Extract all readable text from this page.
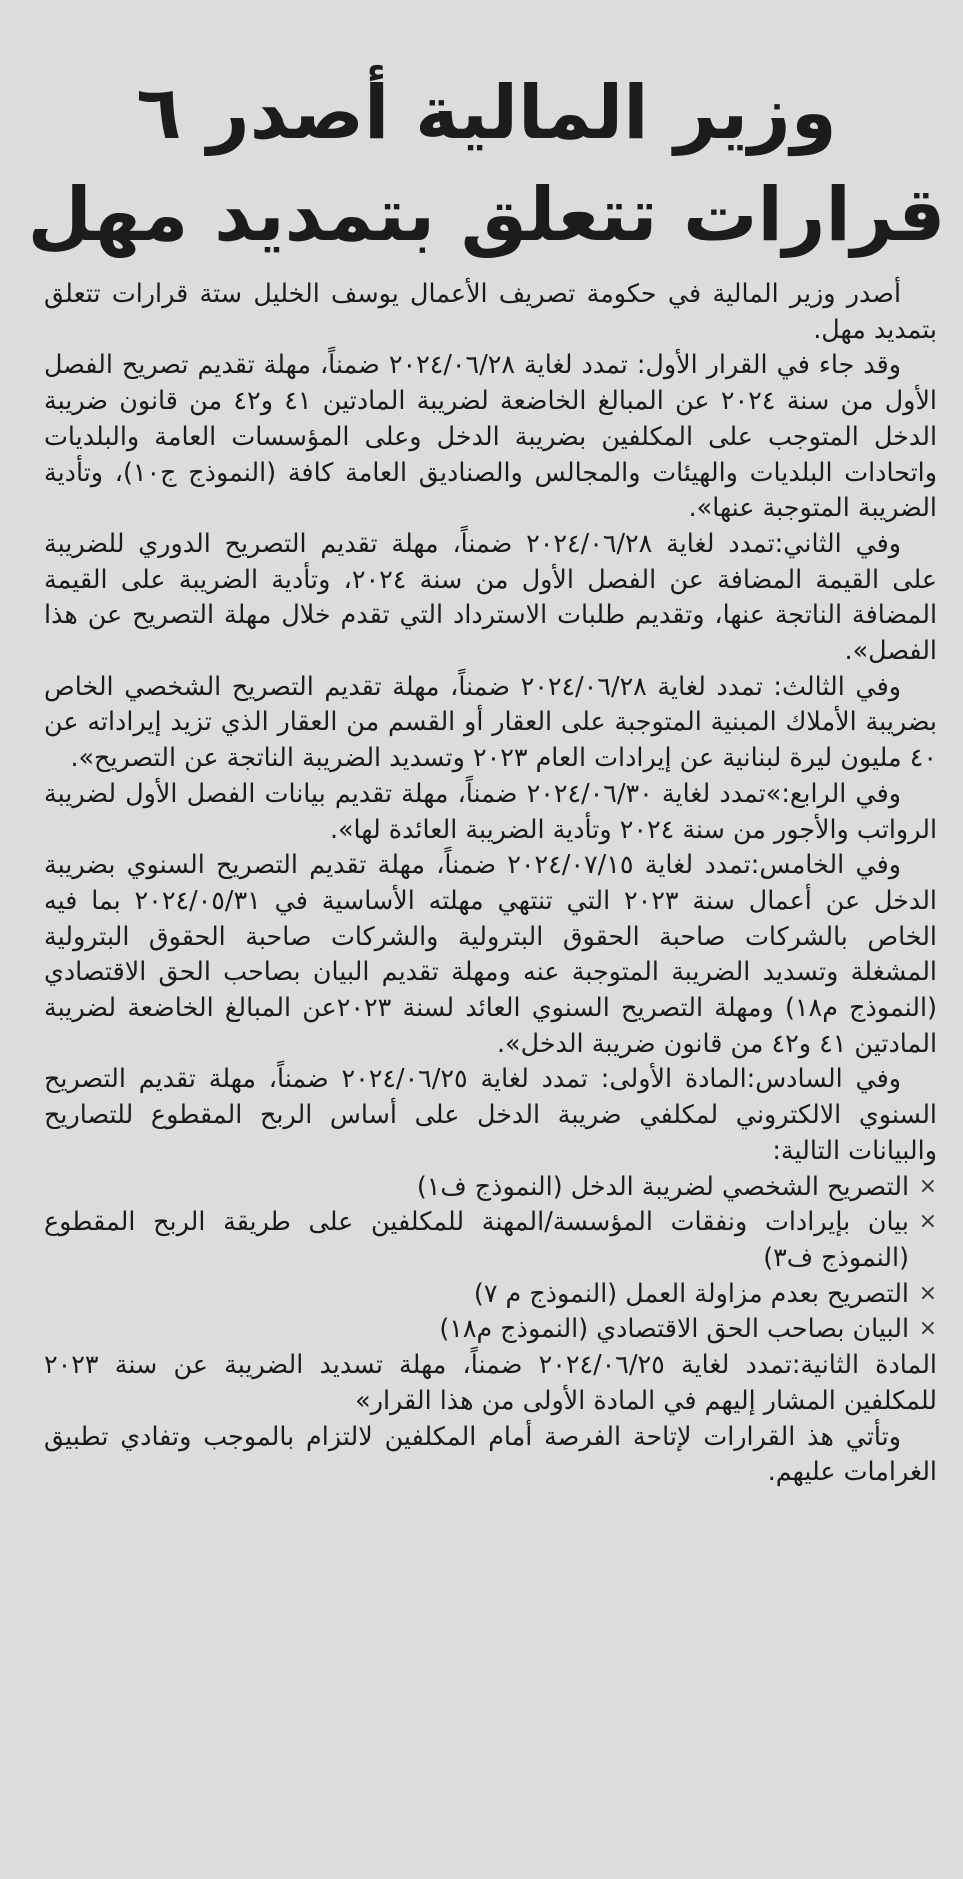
وزير المالية أصدر ٦
قرارات تتعلق بتمديد مهل

أصدر وزير المالية في حكومة تصريف الأعمال يوسف الخليل ستة قرارات تتعلق بتمديد مهل.

وقد جاء في القرار الأول: تمدد لغاية ٢٠٢٤/٠٦/٢٨ ضمناً، مهلة تقديم تصريح الفصل الأول من سنة ٢٠٢٤ عن المبالغ الخاضعة لضريبة المادتين ٤١ و٤٢ من قانون ضريبة الدخل المتوجب على المكلفين بضريبة الدخل وعلى المؤسسات العامة والبلديات واتحادات البلديات والهيئات والمجالس والصناديق العامة كافة (النموذج ج١٠)، وتأدية الضريبة المتوجبة عنها».

وفي الثاني:تمدد لغاية ٢٠٢٤/٠٦/٢٨ ضمناً، مهلة تقديم التصريح الدوري للضريبة على القيمة المضافة عن الفصل الأول من سنة ٢٠٢٤، وتأدية الضريبة على القيمة المضافة الناتجة عنها، وتقديم طلبات الاسترداد التي تقدم خلال مهلة التصريح عن هذا الفصل».

وفي الثالث: تمدد لغاية ٢٠٢٤/٠٦/٢٨ ضمناً، مهلة تقديم التصريح الشخصي الخاص بضريبة الأملاك المبنية المتوجبة على العقار أو القسم من العقار الذي تزيد إيراداته عن ٤٠ مليون ليرة لبنانية عن إيرادات العام ٢٠٢٣ وتسديد الضريبة الناتجة عن التصريح».

وفي الرابع:»تمدد لغاية ٢٠٢٤/٠٦/٣٠ ضمناً، مهلة تقديم بيانات الفصل الأول لضريبة الرواتب والأجور من سنة ٢٠٢٤ وتأدية الضريبة العائدة لها».

وفي الخامس:تمدد لغاية ٢٠٢٤/٠٧/١٥ ضمناً، مهلة تقديم التصريح السنوي بضريبة الدخل عن أعمال سنة ٢٠٢٣ التي تنتهي مهلته الأساسية في ٢٠٢٤/٠٥/٣١ بما فيه الخاص بالشركات صاحبة الحقوق البترولية والشركات صاحبة الحقوق البترولية المشغلة وتسديد الضريبة المتوجبة عنه ومهلة تقديم البيان بصاحب الحق الاقتصادي (النموذج م١٨) ومهلة التصريح السنوي العائد لسنة ٢٠٢٣عن المبالغ الخاضعة لضريبة المادتين ٤١ و٤٢ من قانون ضريبة الدخل».

وفي السادس:المادة الأولى: تمدد لغاية ٢٠٢٤/٠٦/٢٥ ضمناً، مهلة تقديم التصريح السنوي الالكتروني لمكلفي ضريبة الدخل على أساس الربح المقطوع للتصاريح والبيانات التالية:

×
التصريح الشخصي لضريبة الدخل (النموذج ف١)
×
بيان بإيرادات ونفقات المؤسسة/المهنة للمكلفين على طريقة الربح المقطوع (النموذج ف٣)
×
التصريح بعدم مزاولة العمل (النموذج م ٧)
×
البيان بصاحب الحق الاقتصادي (النموذج م١٨)

المادة الثانية:تمدد لغاية ٢٠٢٤/٠٦/٢٥ ضمناً، مهلة تسديد الضريبة عن سنة ٢٠٢٣ للمكلفين المشار إليهم في المادة الأولى من هذا القرار»

وتأتي هذ القرارات لإتاحة الفرصة أمام المكلفين لالتزام بالموجب وتفادي تطبيق الغرامات عليهم.
